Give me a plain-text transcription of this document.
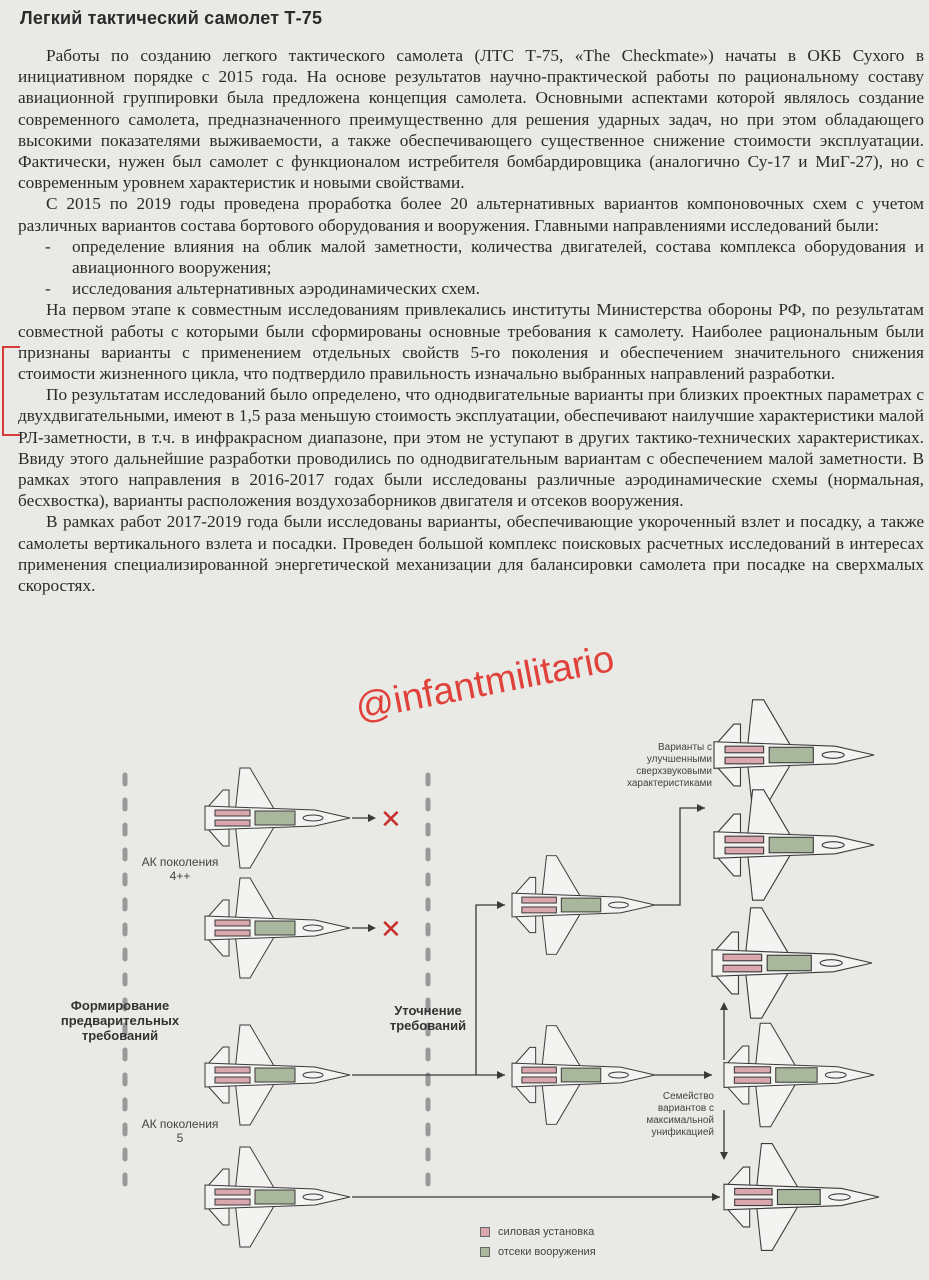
Легкий тактический самолет Т-75

Работы по созданию легкого тактического самолета (ЛТС Т-75, «The Checkmate») начаты в ОКБ Сухого в инициативном порядке с 2015 года. На основе результатов научно-практической работы по рациональному составу авиационной группировки была предложена концепция самолета. Основными аспектами которой являлось создание современного самолета, предназначенного преимущественно для решения ударных задач, но при этом обладающего высокими показателями выживаемости, а также обеспечивающего существенное снижение стоимости эксплуатации. Фактически, нужен был самолет с функционалом истребителя бомбардировщика (аналогично Су-17 и МиГ-27), но с современным уровнем характеристик и новыми свойствами.

С 2015 по 2019 годы проведена проработка более 20 альтернативных вариантов компоновочных схем с учетом различных вариантов состава бортового оборудования и вооружения. Главными направлениями исследований были:

-	определение влияния на облик малой заметности, количества двигателей, состава комплекса оборудования и авиационного вооружения;
-	исследования альтернативных аэродинамических схем.

На первом этапе к совместным исследованиям привлекались институты Министерства обороны РФ, по результатам совместной работы с которыми были сформированы основные требования к самолету. Наиболее рациональным были признаны варианты с применением отдельных свойств 5-го поколения и обеспечением значительного снижения стоимости жизненного цикла, что подтвердило правильность изначально выбранных направлений разработки.

По результатам исследований было определено, что однодвигательные варианты при близких проектных параметрах с двухдвигательными, имеют в 1,5 раза меньшую стоимость эксплуатации, обеспечивают наилучшие характеристики малой РЛ-заметности, в т.ч. в инфракрасном диапазоне, при этом не уступают в других тактико-технических характеристиках. Ввиду этого дальнейшие разработки проводились по однодвигательным вариантам с обеспечением малой заметности. В рамках этого направления в 2016-2017 годах были исследованы различные аэродинамические схемы (нормальная, бесхвостка), варианты расположения воздухозаборников двигателя и отсеков вооружения.

В рамках работ 2017-2019 года были исследованы варианты, обеспечивающие укороченный взлет и посадку, а также самолеты вертикального взлета и посадки. Проведен большой комплекс поисковых расчетных исследований в интересах применения специализированной энергетической механизации для балансировки самолета при посадке на сверхмалых скоростях.

✕
✕
@infantmilitario
АК поколения 4++
АК поколения 5
Формирование предварительных требований
Уточнение требований
Варианты с улучшенными сверхзвуковыми характеристиками
Семейство вариантов с максимальной унификацией
силовая установка
отсеки вооружения
